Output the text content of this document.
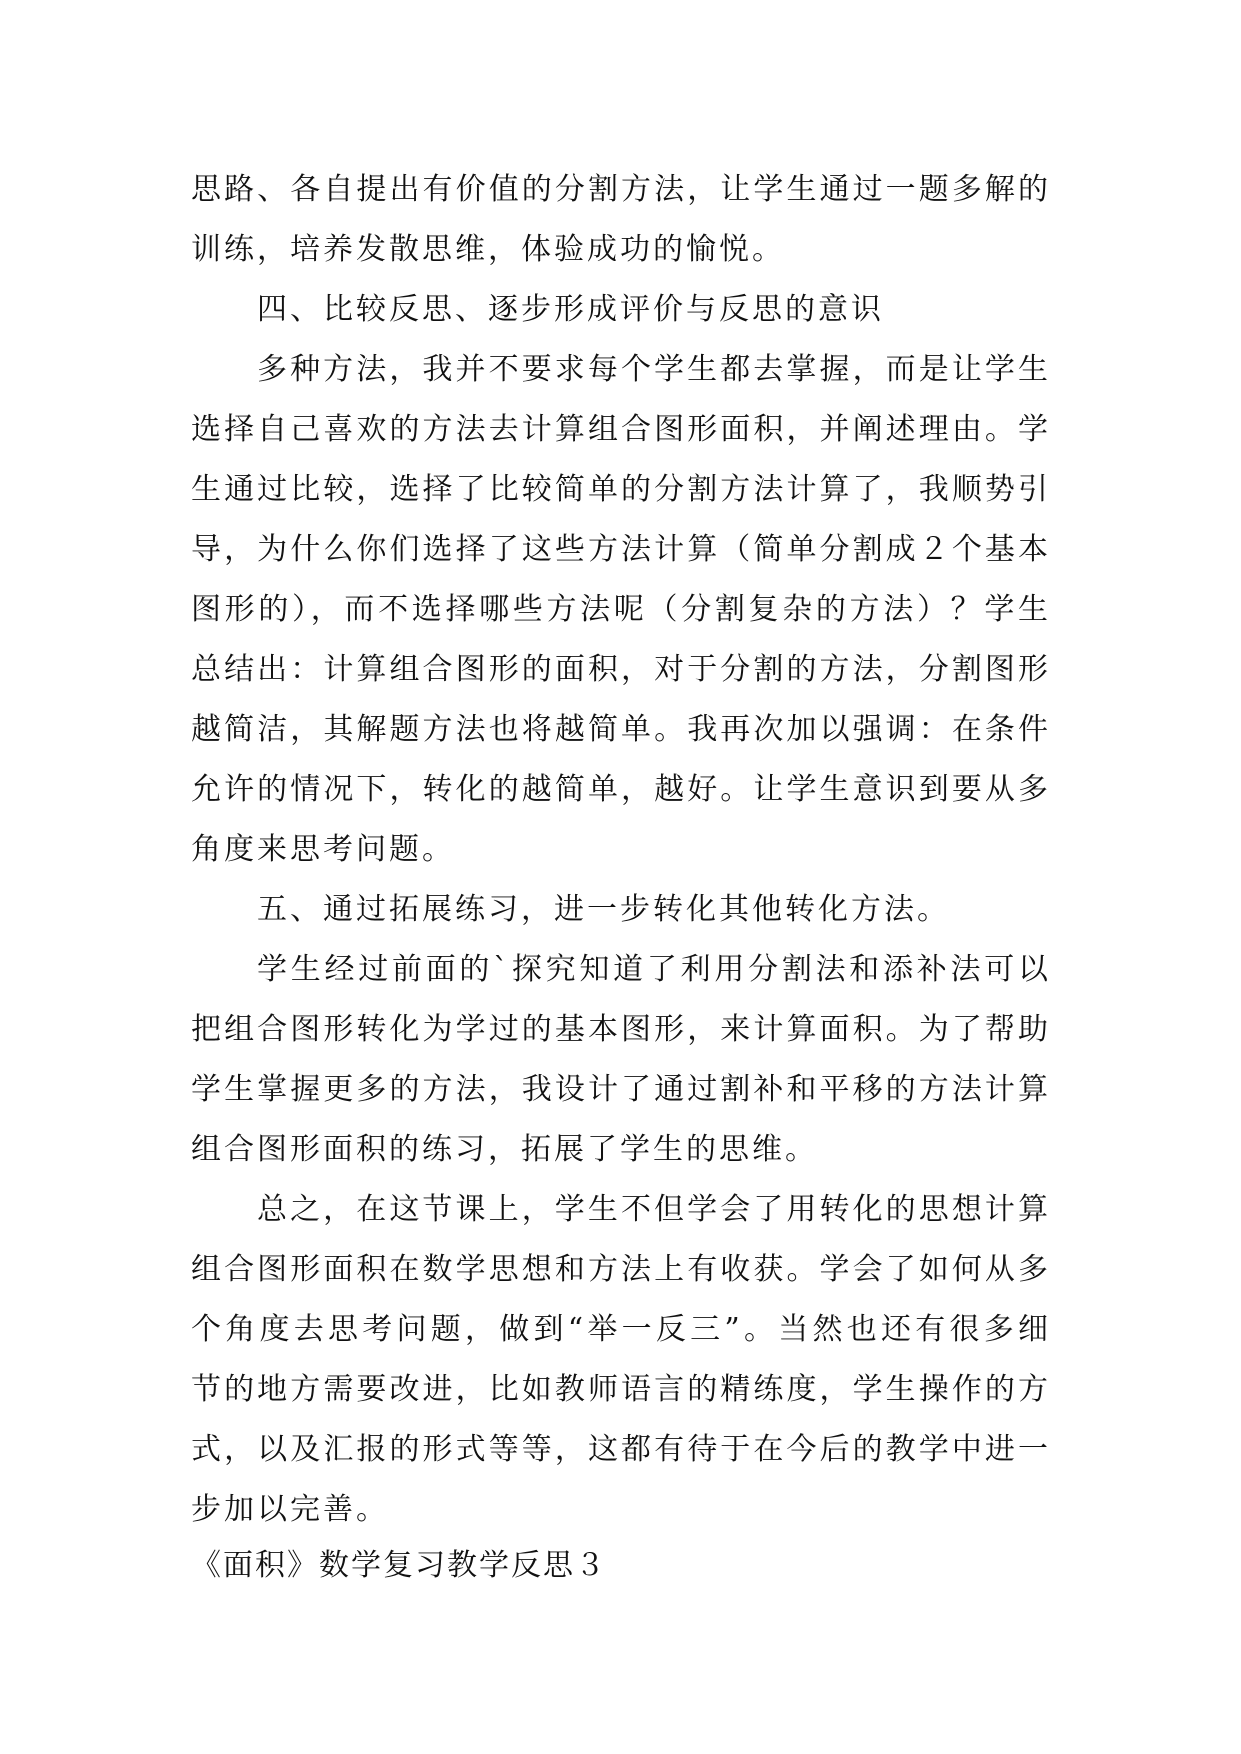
思路、各自提出有价值的分割方法，让学生通过一题多解的训练，培养发散思维，体验成功的愉悦。

四、比较反思、逐步形成评价与反思的意识

多种方法，我并不要求每个学生都去掌握，而是让学生选择自己喜欢的方法去计算组合图形面积，并阐述理由。学生通过比较，选择了比较简单的分割方法计算了，我顺势引导，为什么你们选择了这些方法计算（简单分割成２个基本图形的），而不选择哪些方法呢（分割复杂的方法）？学生总结出：计算组合图形的面积，对于分割的方法，分割图形越简洁，其解题方法也将越简单。我再次加以强调：在条件允许的情况下，转化的越简单，越好。让学生意识到要从多角度来思考问题。

五、通过拓展练习，进一步转化其他转化方法。

学生经过前面的`探究知道了利用分割法和添补法可以把组合图形转化为学过的基本图形，来计算面积。为了帮助学生掌握更多的方法，我设计了通过割补和平移的方法计算组合图形面积的练习，拓展了学生的思维。

总之，在这节课上，学生不但学会了用转化的思想计算组合图形面积在数学思想和方法上有收获。学会了如何从多个角度去思考问题，做到“举一反三”。当然也还有很多细节的地方需要改进，比如教师语言的精练度，学生操作的方式，以及汇报的形式等等，这都有待于在今后的教学中进一步加以完善。

《面积》数学复习教学反思３
